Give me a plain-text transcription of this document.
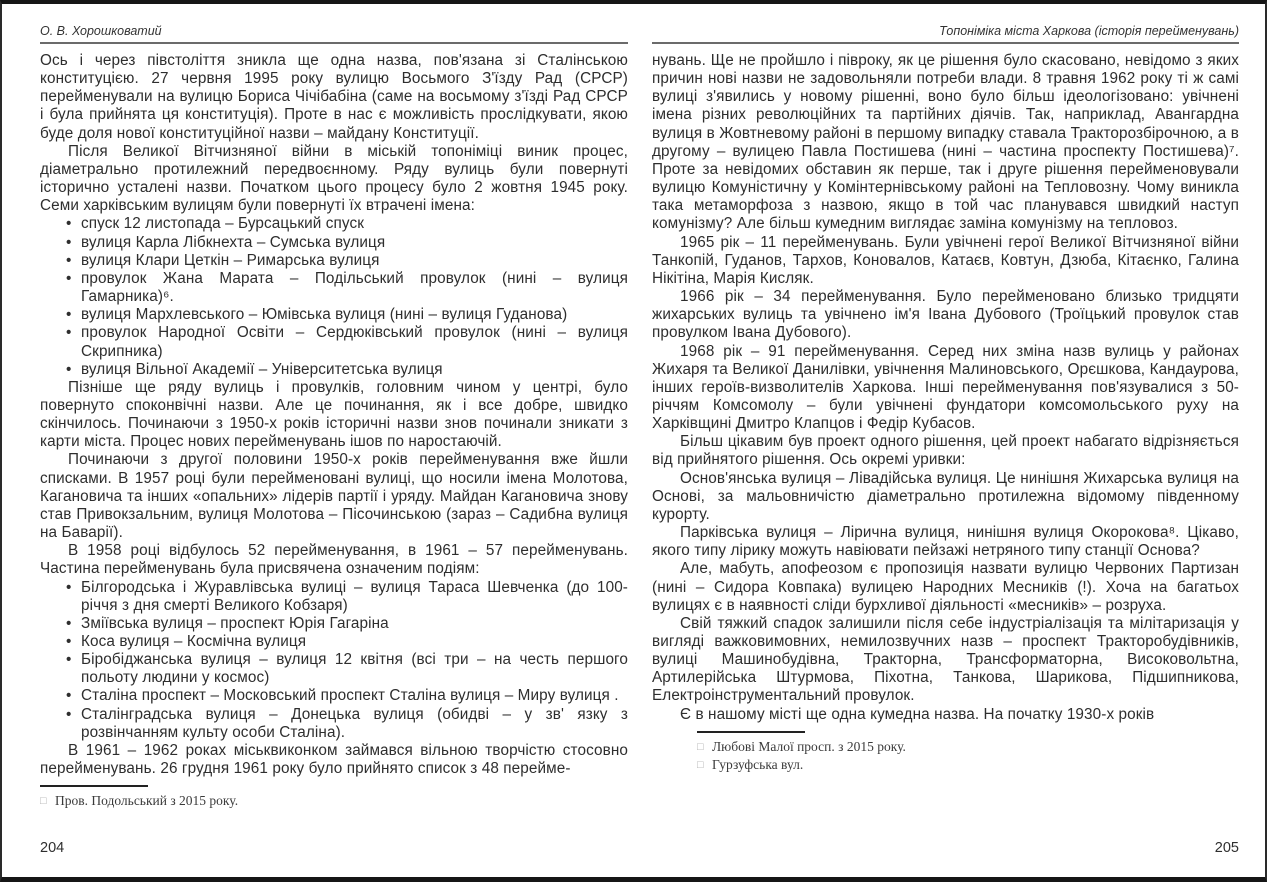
О. В. Хорошковатий

Ось і через півстоліття зникла ще одна назва, пов'язана зі Сталінською конституцією. 27 червня 1995 року вулицю Восьмого З'їзду Рад (СРСР) перейменували на вулицю Бориса Чічібабіна (саме на восьмому з'їзді Рад СРСР і була прийнята ця конституція). Проте в нас є можливість прослідкувати, якою буде доля нової конституційної назви – майдану Конституції.

Після Великої Вітчизняної війни в міській топоніміці виник процес, діаметрально протилежний передвоєнному. Ряду вулиць були повернуті історично усталені назви. Початком цього процесу було 2 жовтня 1945 року. Семи харківським вулицям були повернуті їх втрачені імена:

• спуск 12 листопада – Бурсацький спуск
• вулиця Карла Лібкнехта – Сумська вулиця
• вулиця Клари Цеткін – Римарська вулиця
• провулок Жана Марата – Подільський провулок (нині – вулиця Гамарника)⁶.
• вулиця Мархлевського – Юмівська вулиця (нині – вулиця Гуданова)
• провулок Народної Освіти – Сердюківський провулок (нині – вулиця Скрипника)
• вулиця Вільної Академії – Університетська вулиця

Пізніше ще ряду вулиць і провулків, головним чином у центрі, було повернуто споконвічні назви. Але це починання, як і все добре, швидко скінчилось. Починаючи з 1950-х років історичні назви знов починали зникати з карти міста. Процес нових перейменувань ішов по наростаючій.

Починаючи з другої половини 1950-х років перейменування вже йшли списками. В 1957 році були перейменовані вулиці, що носили імена Молотова, Кагановича та інших «опальних» лідерів партії і уряду. Майдан Кагановича знову став Привокзальним, вулиця Молотова – Пісочинською (зараз – Садибна вулиця на Баварії).

В 1958 році відбулось 52 перейменування, в 1961 – 57 перейменувань. Частина перейменувань була присвячена означеним подіям:

• Білгородська і Журавлівська вулиці – вулиця Тараса Шевченка (до 100-річчя з дня смерті Великого Кобзаря)
• Зміївська вулиця – проспект Юрія Гагаріна
• Коса вулиця – Космічна вулиця
• Біробіджанська вулиця – вулиця 12 квітня (всі три – на честь першого польоту людини у космос)
• Сталіна проспект – Московський проспект Сталіна вулиця – Миру вулиця .
• Сталінградська вулиця – Донецька вулиця (обидві – у зв' язку з розвінчанням культу особи Сталіна).

В 1961 – 1962 роках міськвиконком займався вільною творчістю стосовно перейменувань. 26 грудня 1961 року було прийнято список з 48 перейме-

□ Пров. Подольський з 2015 року.
204
Топоніміка міста Харкова (історія перейменувань)

нувань. Ще не пройшло і півроку, як це рішення було скасовано, невідомо з яких причин нові назви не задовольняли потреби влади. 8 травня 1962 року ті ж самі вулиці з'явились у новому рішенні, воно було більш ідеологізовано: увічнені імена різних революційних та партійних діячів. Так, наприклад, Авангардна вулиця в Жовтневому районі в першому випадку ставала Тракторозбірочною, а в другому – вулицею Павла Постишева (нині – частина проспекту Постишева)⁷. Проте за невідомих обставин як перше, так і друге рішення перейменовували вулицю Комуністичну у Комінтернівському районі на Тепловозну. Чому виникла така метаморфоза з назвою, якщо в той час планувався швидкий наступ комунізму? Але більш кумедним виглядає заміна комунізму на тепловоз.

1965 рік – 11 перейменувань. Були увічнені герої Великої Вітчизняної війни Танкопій, Гуданов, Тархов, Коновалов, Катаєв, Ковтун, Дзюба, Кітаєнко, Галина Нікітіна, Марія Кисляк.

1966 рік – 34 перейменування. Було перейменовано близько тридцяти жихарських вулиць та увічнено ім'я Івана Дубового (Троїцький провулок став провулком Івана Дубового).

1968 рік – 91 перейменування. Серед них зміна назв вулиць у районах Жихаря та Великої Данилівки, увічнення Малиновського, Орєшкова, Кандаурова, інших героїв-визволителів Харкова. Інші перейменування пов'язувалися з 50-річчям Комсомолу – були увічнені фундатори комсомольського руху на Харківщині Дмитро Клапцов і Федір Кубасов.

Більш цікавим був проект одного рішення, цей проект набагато відрізняється від прийнятого рішення. Ось окремі уривки:

Основ'янська вулиця – Лівадійська вулиця. Це нинішня Жихарська вулиця на Основі, за мальовничістю діаметрально протилежна відомому південному курорту.

Парківська вулиця – Лірична вулиця, нинішня вулиця Окорокова⁸. Цікаво, якого типу лірику можуть навіювати пейзажі нетряного типу станції Основа?

Але, мабуть, апофеозом є пропозиція назвати вулицю Червоних Партизан (нині – Сидора Ковпака) вулицею Народних Месників (!). Хоча на багатьох вулицях є в наявності сліди бурхливої діяльності «месників» – розруха.

Свій тяжкий спадок залишили після себе індустріалізація та мілітаризація у вигляді важковимовних, немилозвучних назв – проспект Тракторобудівників, вулиці Машинобудівна, Тракторна, Трансформаторна, Високовольтна, Артилерійська Штурмова, Піхотна, Танкова, Шарикова, Підшипникова, Електроінструментальний провулок.

Є в нашому місті ще одна кумедна назва. На початку 1930-х років

□ Любові Малої просп. з 2015 року.
□ Гурзуфська вул.
205
